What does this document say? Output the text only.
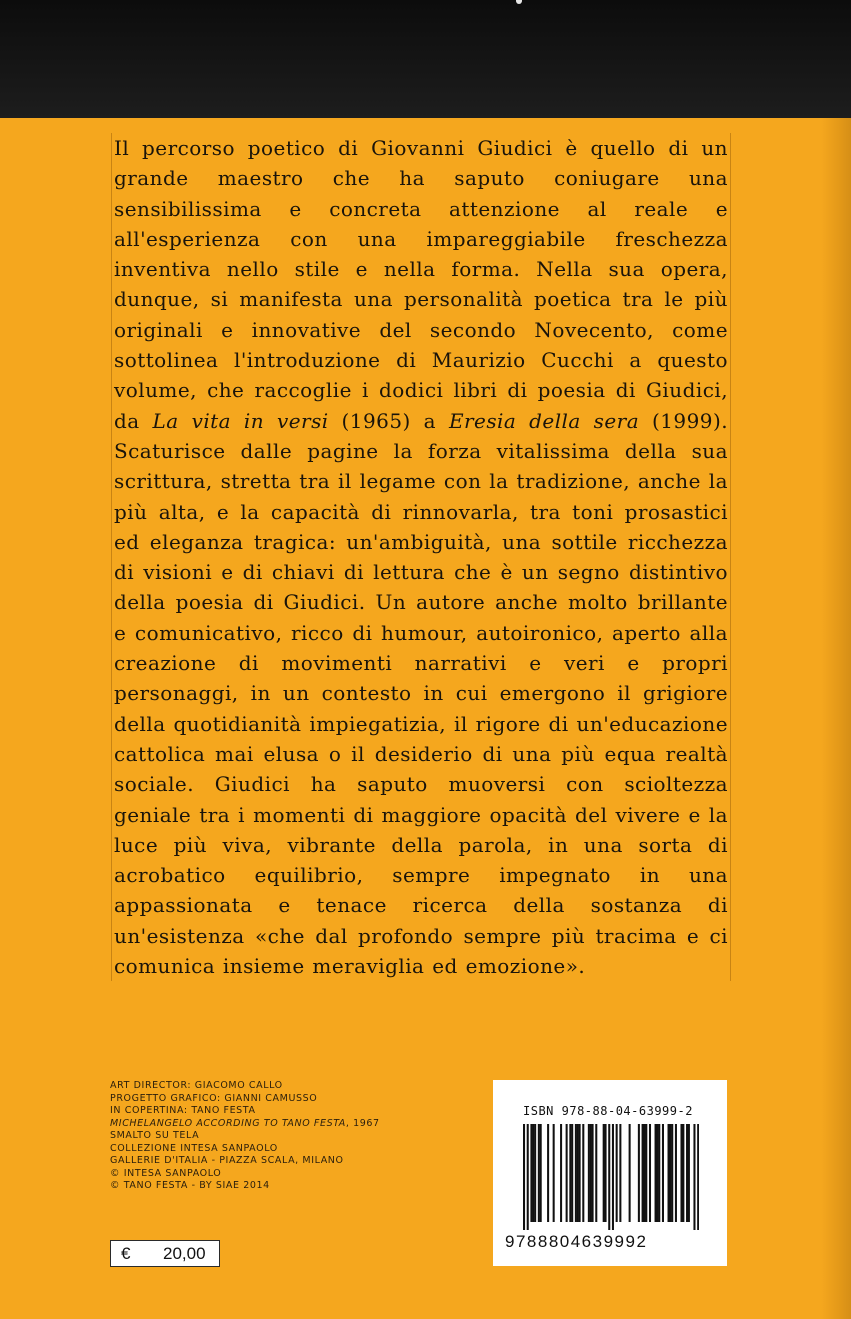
Il percorso poetico di Giovanni Giudici è quello di un grande maestro che ha saputo coniugare una sensibilissima e concreta attenzione al reale e all'esperienza con una impareggiabile freschezza inventiva nello stile e nella forma. Nella sua opera, dunque, si manifesta una personalità poetica tra le più originali e innovative del secondo Novecento, come sottolinea l'introduzione di Maurizio Cucchi a questo volume, che raccoglie i dodici libri di poesia di Giudici, da La vita in versi (1965) a Eresia della sera (1999). Scaturisce dalle pagine la forza vitalissima della sua scrittura, stretta tra il legame con la tradizione, anche la più alta, e la capacità di rinnovarla, tra toni prosastici ed eleganza tragica: un'ambiguità, una sottile ricchezza di visioni e di chiavi di lettura che è un segno distintivo della poesia di Giudici. Un autore anche molto brillante e comunicativo, ricco di humour, autoironico, aperto alla creazione di movimenti narrativi e veri e propri personaggi, in un contesto in cui emergono il grigiore della quotidianità impiegatizia, il rigore di un'educazione cattolica mai elusa o il desiderio di una più equa realtà sociale. Giudici ha saputo muoversi con scioltezza geniale tra i momenti di maggiore opacità del vivere e la luce più viva, vibrante della parola, in una sorta di acrobatico equilibrio, sempre impegnato in una appassionata e tenace ricerca della sostanza di un'esistenza «che dal profondo sempre più tracima e ci comunica insieme meraviglia ed emozione».
ART DIRECTOR: GIACOMO CALLO
PROGETTO GRAFICO: GIANNI CAMUSSO
IN COPERTINA: TANO FESTA
MICHELANGELO ACCORDING TO TANO FESTA, 1967
SMALTO SU TELA
COLLEZIONE INTESA SANPAOLO
GALLERIE D'ITALIA - PIAZZA SCALA, MILANO
© INTESA SANPAOLO
© TANO FESTA - BY SIAE 2014
€ 20,00
ISBN 978-88-04-63999-2
9788804639992
